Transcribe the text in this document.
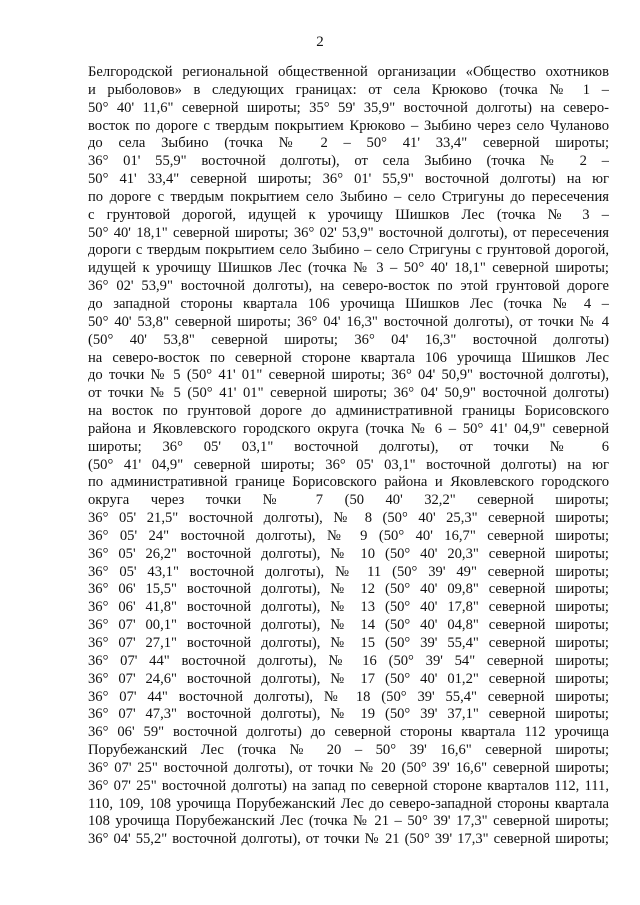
2
Белгородской региональной общественной организации «Общество охотников
и рыболовов» в следующих границах: от села Крюково (точка № 1 –
50° 40' 11,6" северной широты; 35° 59' 35,9" восточной долготы) на северо-
восток по дороге с твердым покрытием Крюково – Зыбино через село Чуланово
до села Зыбино (точка № 2 – 50° 41' 33,4" северной широты;
36° 01' 55,9" восточной долготы), от села Зыбино (точка № 2 –
50° 41' 33,4" северной широты; 36° 01' 55,9" восточной долготы) на юг
по дороге с твердым покрытием село Зыбино – село Стригуны до пересечения
с грунтовой дорогой, идущей к урочищу Шишков Лес (точка № 3 –
50° 40' 18,1" северной широты; 36° 02' 53,9" восточной долготы), от пересечения
дороги с твердым покрытием село Зыбино – село Стригуны с грунтовой дорогой,
идущей к урочищу Шишков Лес (точка № 3 – 50° 40' 18,1" северной широты;
36° 02' 53,9" восточной долготы), на северо-восток по этой грунтовой дороге
до западной стороны квартала 106 урочища Шишков Лес (точка № 4 –
50° 40' 53,8" северной широты; 36° 04' 16,3" восточной долготы), от точки № 4
(50° 40' 53,8" северной широты; 36° 04' 16,3" восточной долготы)
на северо-восток по северной стороне квартала 106 урочища Шишков Лес
до точки № 5 (50° 41' 01" северной широты; 36° 04' 50,9" восточной долготы),
от точки № 5 (50° 41' 01" северной широты; 36° 04' 50,9" восточной долготы)
на восток по грунтовой дороге до административной границы Борисовского
района и Яковлевского городского округа (точка № 6 – 50° 41' 04,9" северной
широты; 36° 05' 03,1" восточной долготы), от точки № 6
(50° 41' 04,9" северной широты; 36° 05' 03,1" восточной долготы) на юг
по административной границе Борисовского района и Яковлевского городского
округа через точки № 7 (50 40' 32,2" северной широты;
36° 05' 21,5" восточной долготы), № 8 (50° 40' 25,3" северной широты;
36° 05' 24" восточной долготы), № 9 (50° 40' 16,7" северной широты;
36° 05' 26,2" восточной долготы), № 10 (50° 40' 20,3" северной широты;
36° 05' 43,1" восточной долготы), № 11 (50° 39' 49" северной широты;
36° 06' 15,5" восточной долготы), № 12 (50° 40' 09,8" северной широты;
36° 06' 41,8" восточной долготы), № 13 (50° 40' 17,8" северной широты;
36° 07' 00,1" восточной долготы), № 14 (50° 40' 04,8" северной широты;
36° 07' 27,1" восточной долготы), № 15 (50° 39' 55,4" северной широты;
36° 07' 44" восточной долготы), № 16 (50° 39' 54" северной широты;
36° 07' 24,6" восточной долготы), № 17 (50° 40' 01,2" северной широты;
36° 07' 44" восточной долготы), № 18 (50° 39' 55,4" северной широты;
36° 07' 47,3" восточной долготы), № 19 (50° 39' 37,1" северной широты;
36° 06' 59" восточной долготы) до северной стороны квартала 112 урочища
Порубежанский Лес (точка № 20 – 50° 39' 16,6" северной широты;
36° 07' 25" восточной долготы), от точки № 20 (50° 39' 16,6" северной широты;
36° 07' 25" восточной долготы) на запад по северной стороне кварталов 112, 111,
110, 109, 108 урочища Порубежанский Лес до северо-западной стороны квартала
108 урочища Порубежанский Лес (точка № 21 – 50° 39' 17,3" северной широты;
36° 04' 55,2" восточной долготы), от точки № 21 (50° 39' 17,3" северной широты;
